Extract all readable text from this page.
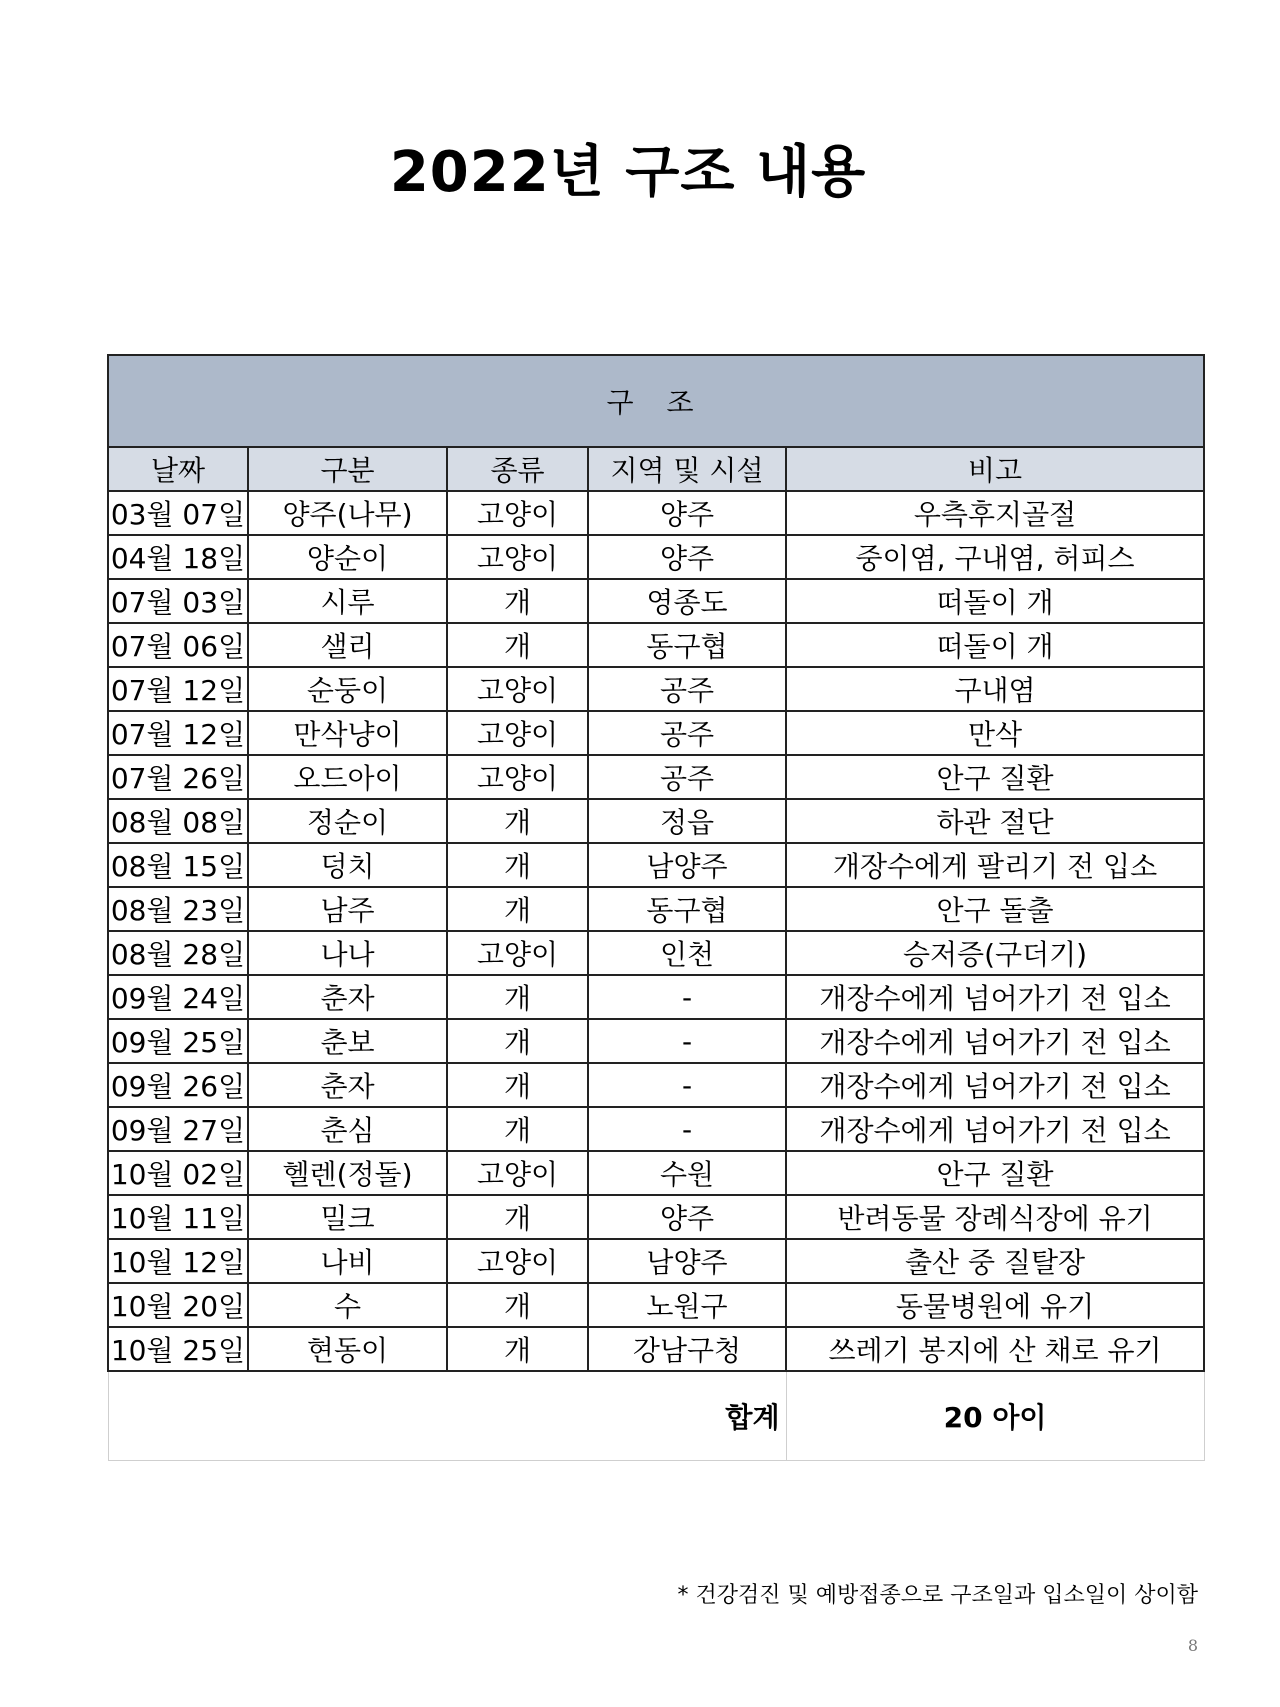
2022년 구조 내용
구 조				
날짜	구분	종류	지역 및 시설	비고
03월 07일	양주(나무)	고양이	양주	우측후지골절
04월 18일	양순이	고양이	양주	중이염, 구내염, 허피스
07월 03일	시루	개	영종도	떠돌이 개
07월 06일	샐리	개	동구협	떠돌이 개
07월 12일	순둥이	고양이	공주	구내염
07월 12일	만삭냥이	고양이	공주	만삭
07월 26일	오드아이	고양이	공주	안구 질환
08월 08일	정순이	개	정읍	하관 절단
08월 15일	덩치	개	남양주	개장수에게 팔리기 전 입소
08월 23일	남주	개	동구협	안구 돌출
08월 28일	나나	고양이	인천	승저증(구더기)
09월 24일	춘자	개	-	개장수에게 넘어가기 전 입소
09월 25일	춘보	개	-	개장수에게 넘어가기 전 입소
09월 26일	춘자	개	-	개장수에게 넘어가기 전 입소
09월 27일	춘심	개	-	개장수에게 넘어가기 전 입소
10월 02일	헬렌(정돌)	고양이	수원	안구 질환
10월 11일	밀크	개	양주	반려동물 장례식장에 유기
10월 12일	나비	고양이	남양주	출산 중 질탈장
10월 20일	수	개	노원구	동물병원에 유기
10월 25일	현동이	개	강남구청	쓰레기 봉지에 산 채로 유기
합계				20 아이
* 건강검진 및 예방접종으로 구조일과 입소일이 상이함
8
